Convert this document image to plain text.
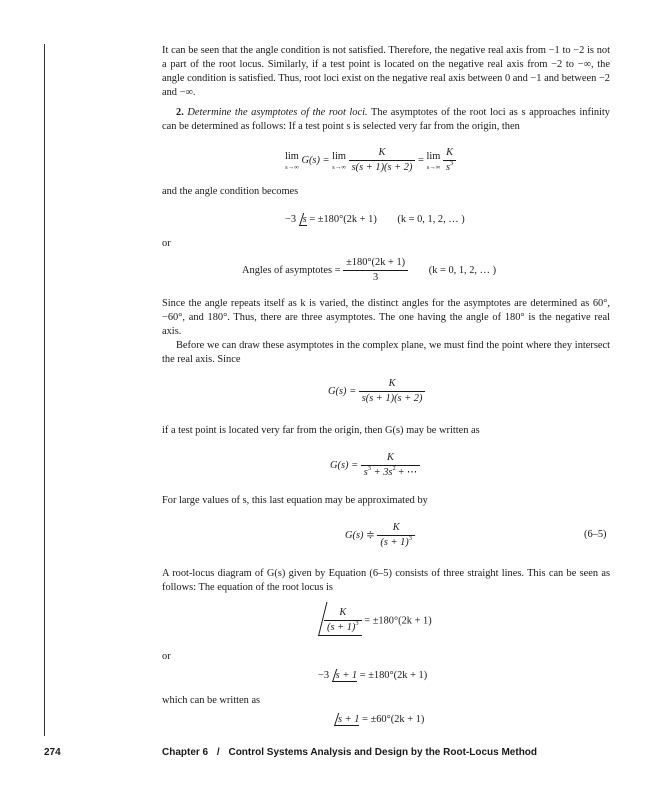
It can be seen that the angle condition is not satisfied. Therefore, the negative real axis from −1 to −2 is not a part of the root locus. Similarly, if a test point is located on the negative real axis from −2 to −∞, the angle condition is satisfied. Thus, root loci exist on the negative real axis between 0 and −1 and between −2 and −∞.

2. Determine the asymptotes of the root loci. The asymptotes of the root loci as s approaches infinity can be determined as follows: If a test point s is selected very far from the origin, then

lim
s→∞
G(s) = lim
s→∞
$\frac{K}{s(s + 1)(s + 2)} = \lim$
s→∞
$\frac{K}{s^3}$

and the angle condition becomes

−3 s = ±180°(2k + 1) (k = 0, 1, 2, … )

or

Angles of asymptotes = $\frac{\pm 180^\circ(2k + 1)}{3} (k = 0$, 1, 2, … )

Since the angle repeats itself as k is varied, the distinct angles for the asymptotes are determined as 60°, −60°, and 180°. Thus, there are three asymptotes. The one having the angle of 180° is the negative real axis.

Before we can draw these asymptotes in the complex plane, we must find the point where they intersect the real axis. Since

$G(s) = \frac{K}{s(s + 1)(s + 2)}$

if a test point is located very far from the origin, then G(s) may be written as

$G(s) = \frac{K}{s^3 + 3s^2 + \cdots}$

For large values of s, this last equation may be approximated by

G(s) ≑ $\frac{K}{(s + 1)^3}$	(6–5)

A root-locus diagram of G(s) given by Equation (6–5) consists of three straight lines. This can be seen as follows: The equation of the root locus is

$\frac{K}{(s + 1)^3} = \pm 180^\circ(2k + 1)$

or

−3 s + 1 = ±180°(2k + 1)

which can be written as

s + 1 = ±60°(2k + 1)
274	Chapter 6 / Control Systems Analysis and Design by the Root-Locus Method
